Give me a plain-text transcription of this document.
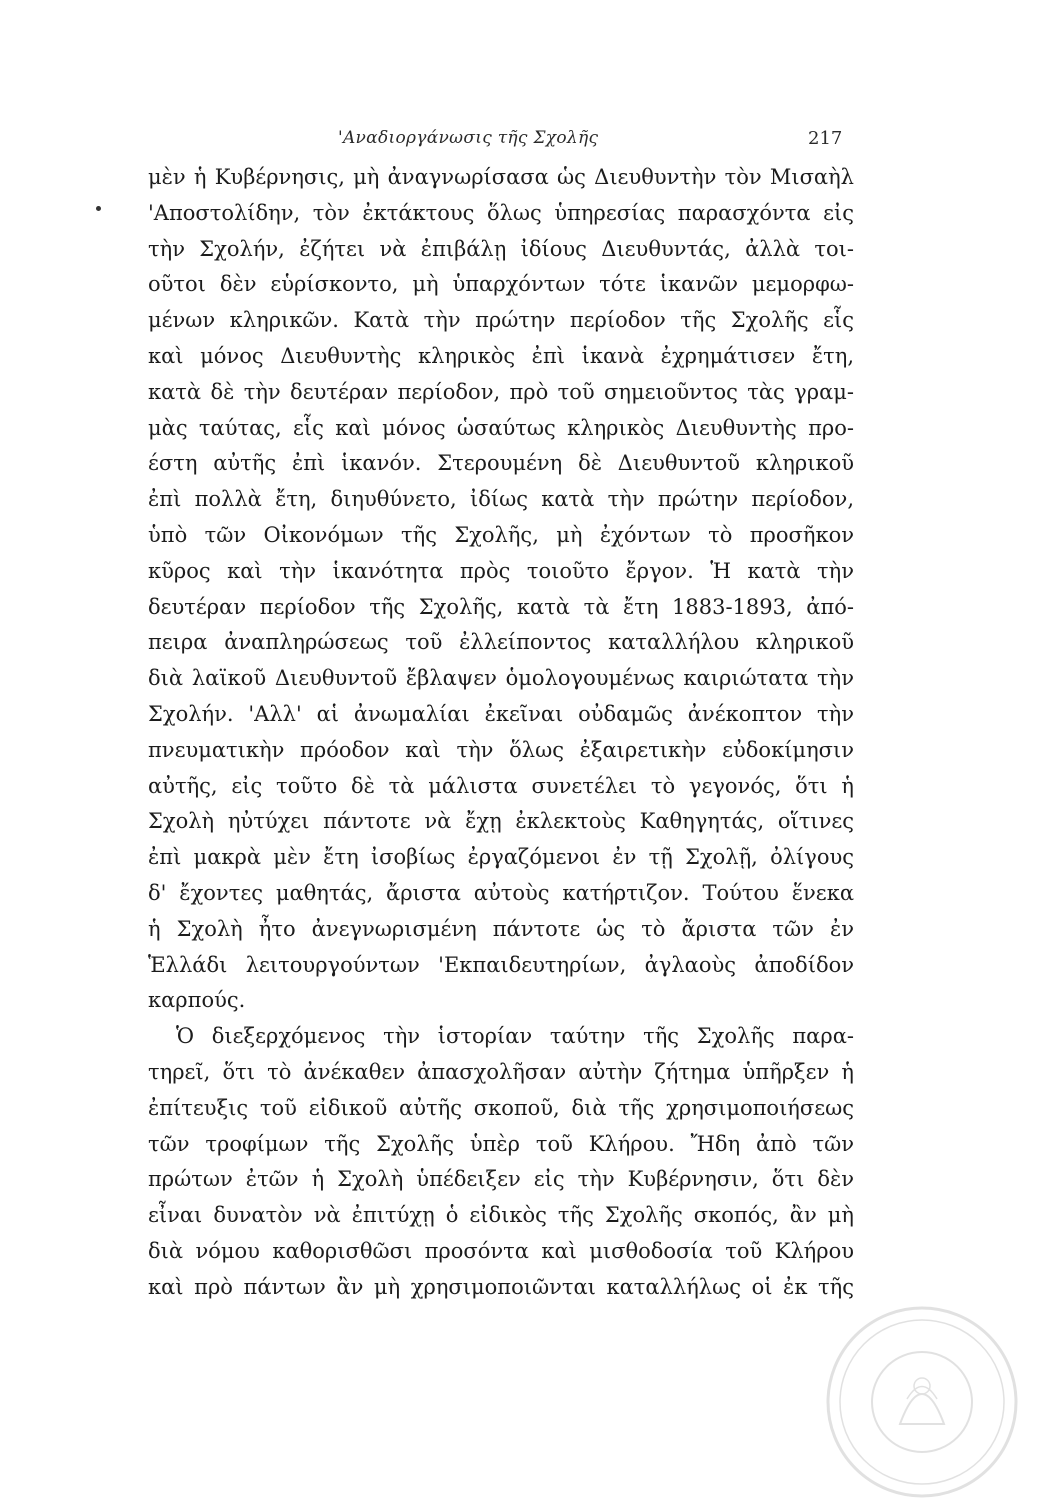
'Αναδιοργάνωσις τῆς Σχολῆς	217
μὲν ἡ Κυβέρνησις, μὴ ἀναγνωρίσασα ὡς Διευθυντὴν τὸν Μισαὴλ
'Αποστολίδην, τὸν ἐκτάκτους ὅλως ὑπηρεσίας παρασχόντα εἰς
τὴν Σχολήν, ἐζήτει νὰ ἐπιβάλῃ ἰδίους Διευθυντάς, ἀλλὰ τοι-
οῦτοι δὲν εὑρίσκοντο, μὴ ὑπαρχόντων τότε ἱκανῶν μεμορφω-
μένων κληρικῶν. Κατὰ τὴν πρώτην περίοδον τῆς Σχολῆς εἷς
καὶ μόνος Διευθυντὴς κληρικὸς ἐπὶ ἱκανὰ ἐχρημάτισεν ἔτη,
κατὰ δὲ τὴν δευτέραν περίοδον, πρὸ τοῦ σημειοῦντος τὰς γραμ-
μὰς ταύτας, εἷς καὶ μόνος ὡσαύτως κληρικὸς Διευθυντὴς προ-
έστη αὐτῆς ἐπὶ ἱκανόν. Στερουμένη δὲ Διευθυντοῦ κληρικοῦ
ἐπὶ πολλὰ ἔτη, διηυθύνετο, ἰδίως κατὰ τὴν πρώτην περίοδον,
ὑπὸ τῶν Οἰκονόμων τῆς Σχολῆς, μὴ ἐχόντων τὸ προσῆκον
κῦρος καὶ τὴν ἱκανότητα πρὸς τοιοῦτο ἔργον. Ἡ κατὰ τὴν
δευτέραν περίοδον τῆς Σχολῆς, κατὰ τὰ ἔτη 1883-1893, ἀπό-
πειρα ἀναπληρώσεως τοῦ ἐλλείποντος καταλλήλου κληρικοῦ
διὰ λαϊκοῦ Διευθυντοῦ ἔβλαψεν ὁμολογουμένως καιριώτατα τὴν
Σχολήν. 'Αλλ' αἱ ἀνωμαλίαι ἐκεῖναι οὐδαμῶς ἀνέκοπτον τὴν
πνευματικὴν πρόοδον καὶ τὴν ὅλως ἐξαιρετικὴν εὐδοκίμησιν
αὐτῆς, εἰς τοῦτο δὲ τὰ μάλιστα συνετέλει τὸ γεγονός, ὅτι ἡ
Σχολὴ ηὐτύχει πάντοτε νὰ ἔχῃ ἐκλεκτοὺς Καθηγητάς, οἵτινες
ἐπὶ μακρὰ μὲν ἔτη ἰσοβίως ἐργαζόμενοι ἐν τῇ Σχολῇ, ὀλίγους
δ' ἔχοντες μαθητάς, ἄριστα αὐτοὺς κατήρτιζον. Τούτου ἕνεκα
ἡ Σχολὴ ἦτο ἀνεγνωρισμένη πάντοτε ὡς τὸ ἄριστα τῶν ἐν
Ἑλλάδι λειτουργούντων 'Εκπαιδευτηρίων, ἀγλαοὺς ἀποδίδον
καρπούς.
Ὁ διεξερχόμενος τὴν ἱστορίαν ταύτην τῆς Σχολῆς παρα-
τηρεῖ, ὅτι τὸ ἀνέκαθεν ἀπασχολῆσαν αὐτὴν ζήτημα ὑπῆρξεν ἡ
ἐπίτευξις τοῦ εἰδικοῦ αὐτῆς σκοποῦ, διὰ τῆς χρησιμοποιήσεως
τῶν τροφίμων τῆς Σχολῆς ὑπὲρ τοῦ Κλήρου. Ἤδη ἀπὸ τῶν
πρώτων ἐτῶν ἡ Σχολὴ ὑπέδειξεν εἰς τὴν Κυβέρνησιν, ὅτι δὲν
εἶναι δυνατὸν νὰ ἐπιτύχῃ ὁ εἰδικὸς τῆς Σχολῆς σκοπός, ἂν μὴ
διὰ νόμου καθορισθῶσι προσόντα καὶ μισθοδοσία τοῦ Κλήρου
καὶ πρὸ πάντων ἂν μὴ χρησιμοποιῶνται καταλλήλως οἱ ἐκ τῆς
